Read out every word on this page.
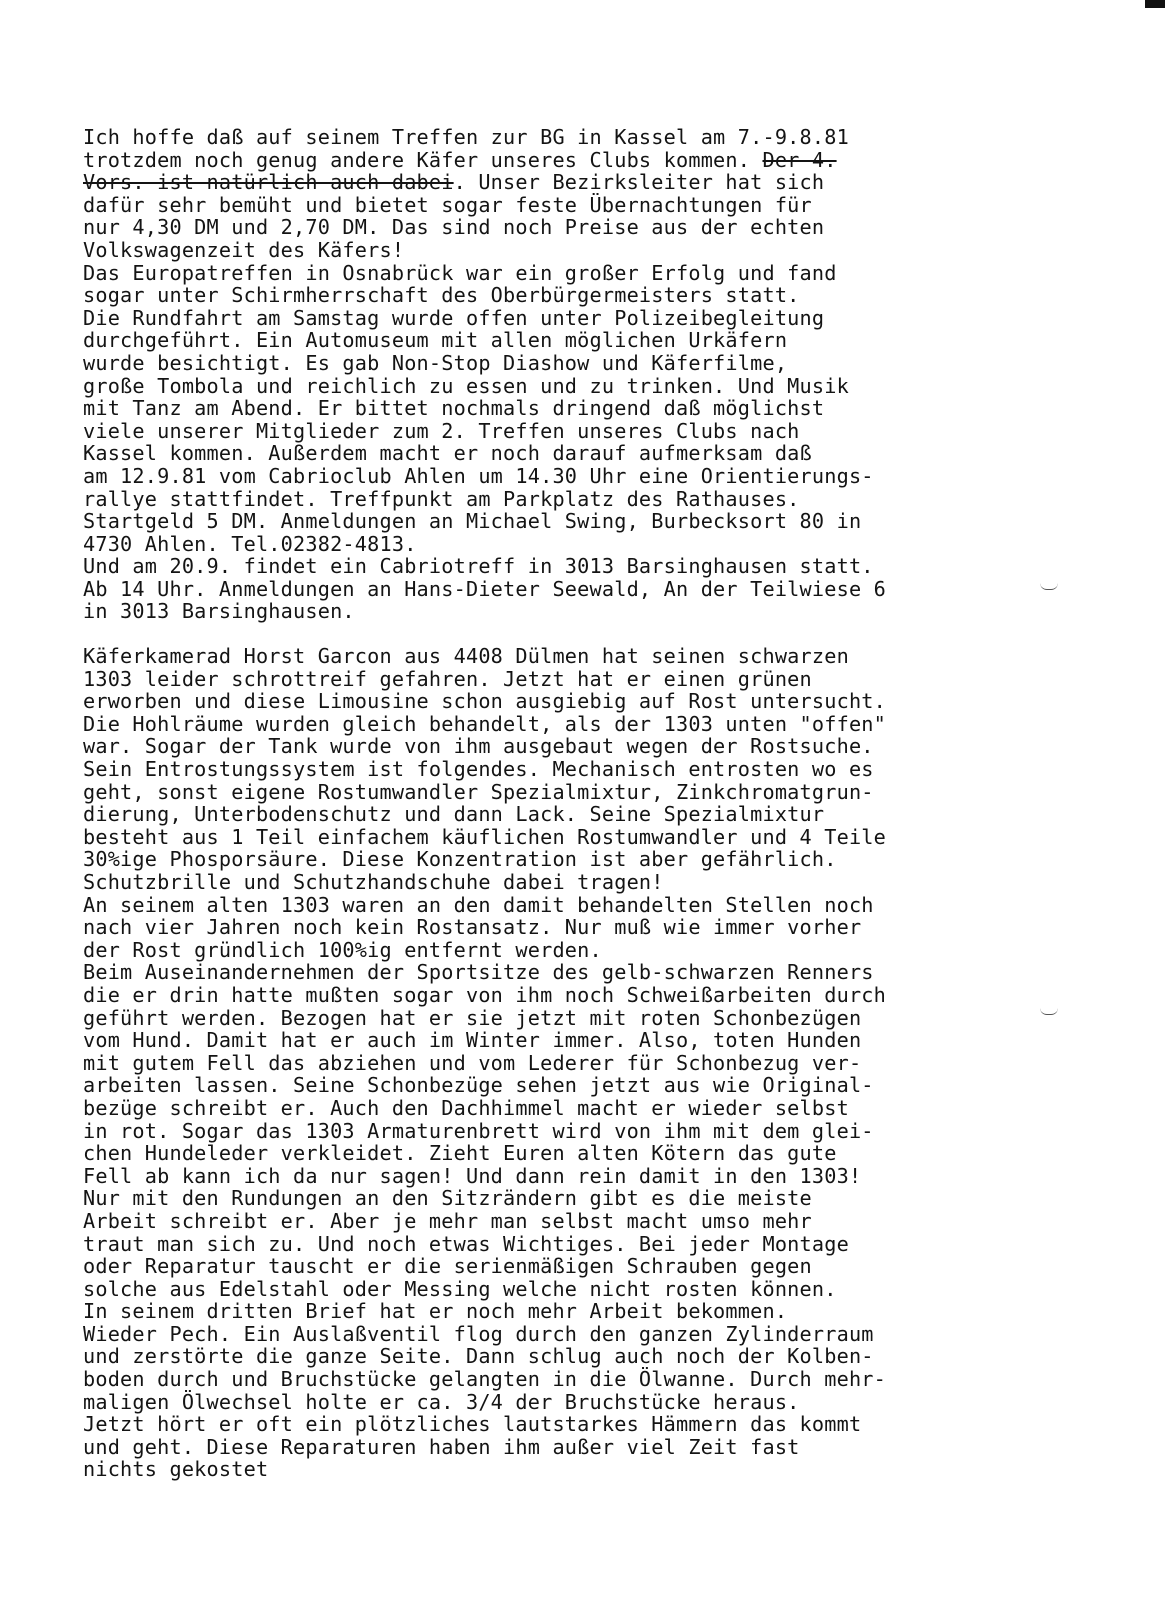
Ich hoffe daß auf seinem Treffen zur BG in Kassel am 7.-9.8.81
trotzdem noch genug andere Käfer unseres Clubs kommen. Der 4.
Vors. ist natürlich auch dabei. Unser Bezirksleiter hat sich
dafür sehr bemüht und bietet sogar feste Übernachtungen für
nur 4,30 DM und 2,70 DM. Das sind noch Preise aus der echten
Volkswagenzeit des Käfers!
Das Europatreffen in Osnabrück war ein großer Erfolg und fand
sogar unter Schirmherrschaft des Oberbürgermeisters statt.
Die Rundfahrt am Samstag wurde offen unter Polizeibegleitung
durchgeführt. Ein Automuseum mit allen möglichen Urkäfern
wurde besichtigt. Es gab Non-Stop Diashow und Käferfilme,
große Tombola und reichlich zu essen und zu trinken. Und Musik
mit Tanz am Abend. Er bittet nochmals dringend daß möglichst
viele unserer Mitglieder zum 2. Treffen unseres Clubs nach
Kassel kommen. Außerdem macht er noch darauf aufmerksam daß
am 12.9.81 vom Cabrioclub Ahlen um 14.30 Uhr eine Orientierungs-
rallye stattfindet. Treffpunkt am Parkplatz des Rathauses.
Startgeld 5 DM. Anmeldungen an Michael Swing, Burbecksort 80 in
4730 Ahlen. Tel.02382-4813.
Und am 20.9. findet ein Cabriotreff in 3013 Barsinghausen statt.
Ab 14 Uhr. Anmeldungen an Hans-Dieter Seewald, An der Teilwiese 6
in 3013 Barsinghausen.
Käferkamerad Horst Garcon aus 4408 Dülmen hat seinen schwarzen
1303 leider schrottreif gefahren. Jetzt hat er einen grünen
erworben und diese Limousine schon ausgiebig auf Rost untersucht.
Die Hohlräume wurden gleich behandelt, als der 1303 unten "offen"
war. Sogar der Tank wurde von ihm ausgebaut wegen der Rostsuche.
Sein Entrostungssystem ist folgendes. Mechanisch entrosten wo es
geht, sonst eigene Rostumwandler Spezialmixtur, Zinkchromatgrun-
dierung, Unterbodenschutz und dann Lack. Seine Spezialmixtur
besteht aus 1 Teil einfachem käuflichen Rostumwandler und 4 Teile
30%ige Phosporsäure. Diese Konzentration ist aber gefährlich.
Schutzbrille und Schutzhandschuhe dabei tragen!
An seinem alten 1303 waren an den damit behandelten Stellen noch
nach vier Jahren noch kein Rostansatz. Nur muß wie immer vorher
der Rost gründlich 100%ig entfernt werden.
Beim Auseinandernehmen der Sportsitze des gelb-schwarzen Renners
die er drin hatte mußten sogar von ihm noch Schweißarbeiten durch
geführt werden. Bezogen hat er sie jetzt mit roten Schonbezügen
vom Hund. Damit hat er auch im Winter immer. Also, toten Hunden
mit gutem Fell das abziehen und vom Lederer für Schonbezug ver-
arbeiten lassen. Seine Schonbezüge sehen jetzt aus wie Original-
bezüge schreibt er. Auch den Dachhimmel macht er wieder selbst
in rot. Sogar das 1303 Armaturenbrett wird von ihm mit dem glei-
chen Hundeleder verkleidet. Zieht Euren alten Kötern das gute
Fell ab kann ich da nur sagen! Und dann rein damit in den 1303!
Nur mit den Rundungen an den Sitzrändern gibt es die meiste
Arbeit schreibt er. Aber je mehr man selbst macht umso mehr
traut man sich zu. Und noch etwas Wichtiges. Bei jeder Montage
oder Reparatur tauscht er die serienmäßigen Schrauben gegen
solche aus Edelstahl oder Messing welche nicht rosten können.
In seinem dritten Brief hat er noch mehr Arbeit bekommen.
Wieder Pech. Ein Auslaßventil flog durch den ganzen Zylinderraum
und zerstörte die ganze Seite. Dann schlug auch noch der Kolben-
boden durch und Bruchstücke gelangten in die Ölwanne. Durch mehr-
maligen Ölwechsel holte er ca. 3/4 der Bruchstücke heraus.
Jetzt hört er oft ein plötzliches lautstarkes Hämmern das kommt
und geht. Diese Reparaturen haben ihm außer viel Zeit fast
nichts gekostet
